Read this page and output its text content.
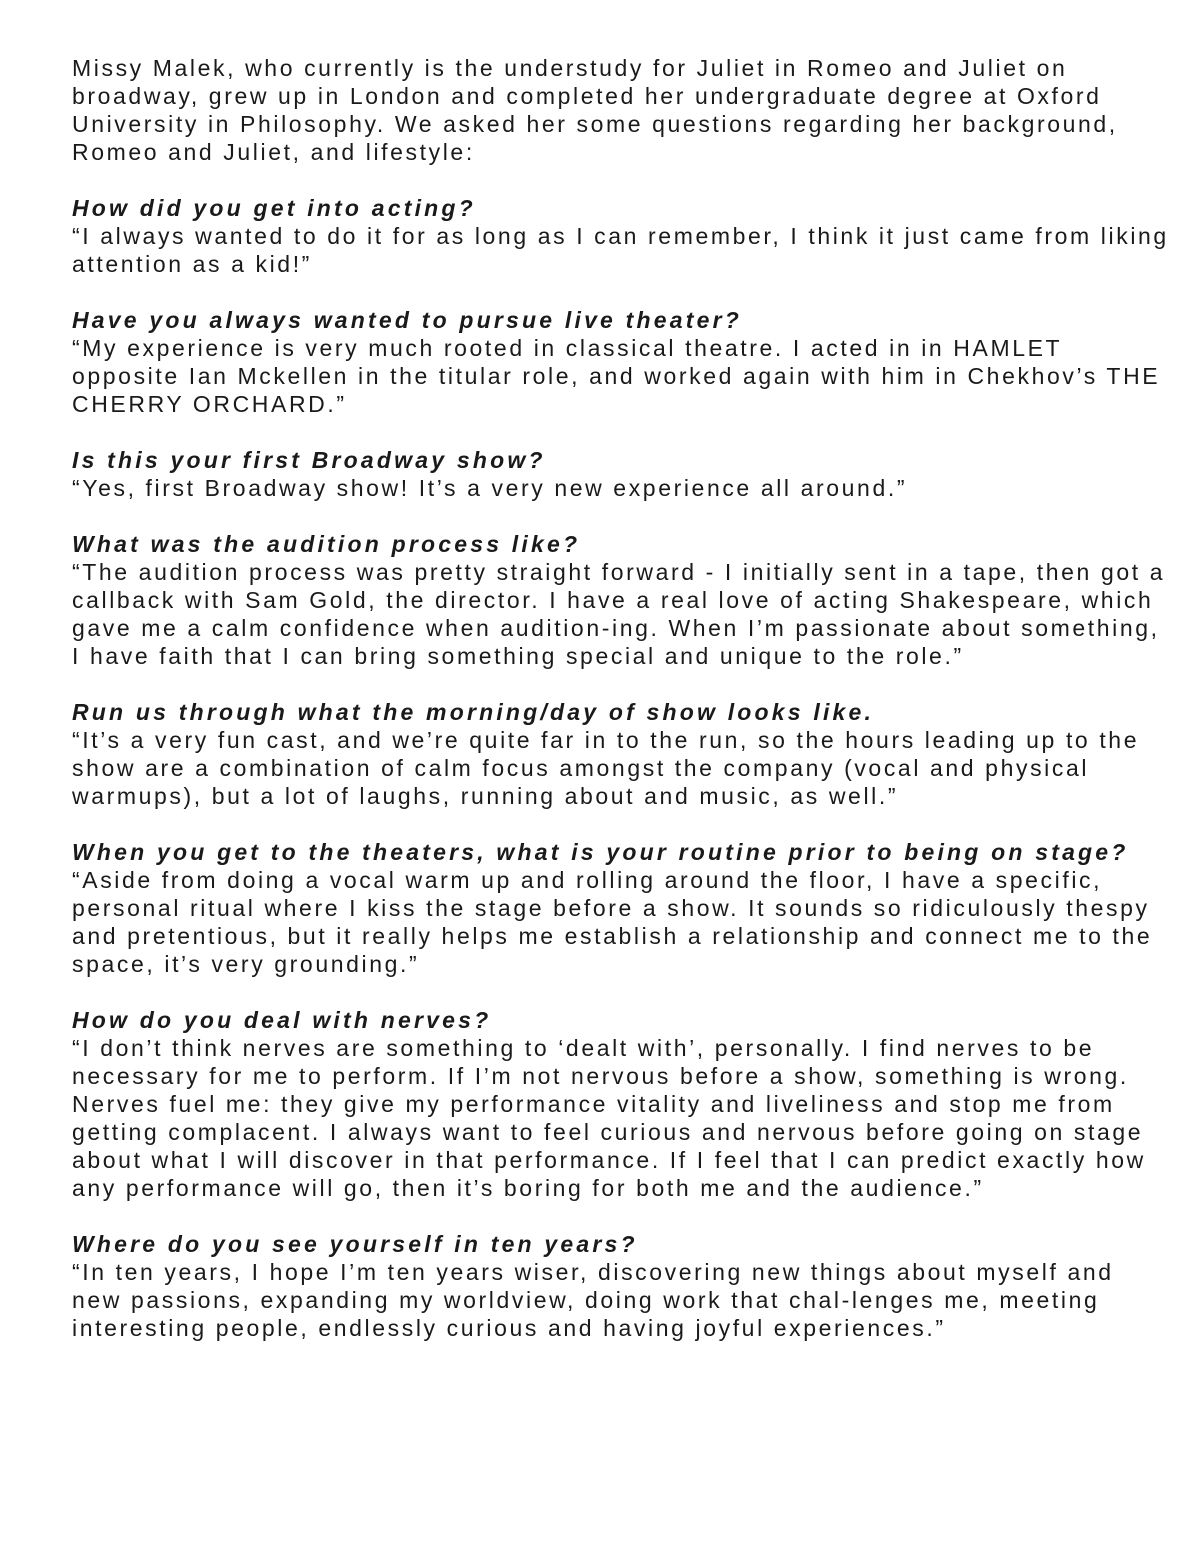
Missy Malek, who currently is the understudy for Juliet in Romeo and Juliet on broadway, grew up in London and completed her undergraduate degree at Oxford University in Philosophy. We asked her some questions regarding her background, Romeo and Juliet, and lifestyle:

How did you get into acting?

“I always wanted to do it for as long as I can remember, I think it just came from liking attention as a kid!”

Have you always wanted to pursue live theater?

“My experience is very much rooted in classical theatre. I acted in in HAMLET opposite Ian Mckellen in the titular role, and worked again with him in Chekhov’s THE CHERRY ORCHARD.”

Is this your first Broadway show?

“Yes, first Broadway show! It’s a very new experience all around.”

What was the audition process like?

“The audition process was pretty straight forward - I initially sent in a tape, then got a callback with Sam Gold, the director. I have a real love of acting Shakespeare, which gave me a calm confidence when audition-ing. When I’m passionate about something, I have faith that I can bring something special and unique to the role.”

Run us through what the morning/day of show looks like.

“It’s a very fun cast, and we’re quite far in to the run, so the hours leading up to the show are a combination of calm focus amongst the company (vocal and physical warmups), but a lot of laughs, running about and music, as well.”

When you get to the theaters, what is your routine prior to being on stage?

“Aside from doing a vocal warm up and rolling around the floor, I have a specific, personal ritual where I kiss the stage before a show. It sounds so ridiculously thespy and pretentious, but it really helps me establish a relationship and connect me to the space, it’s very grounding.”

How do you deal with nerves?

“I don’t think nerves are something to ‘dealt with’, personally. I find nerves to be necessary for me to perform. If I’m not nervous before a show, something is wrong. Nerves fuel me: they give my performance vitality and liveliness and stop me from getting complacent. I always want to feel curious and nervous before going on stage about what I will discover in that performance. If I feel that I can predict exactly how any performance will go, then it’s boring for both me and the audience.”

Where do you see yourself in ten years?

“In ten years, I hope I’m ten years wiser, discovering new things about myself and new passions, expanding my worldview, doing work that chal-lenges me, meeting interesting people, endlessly curious and having joyful experiences.”
